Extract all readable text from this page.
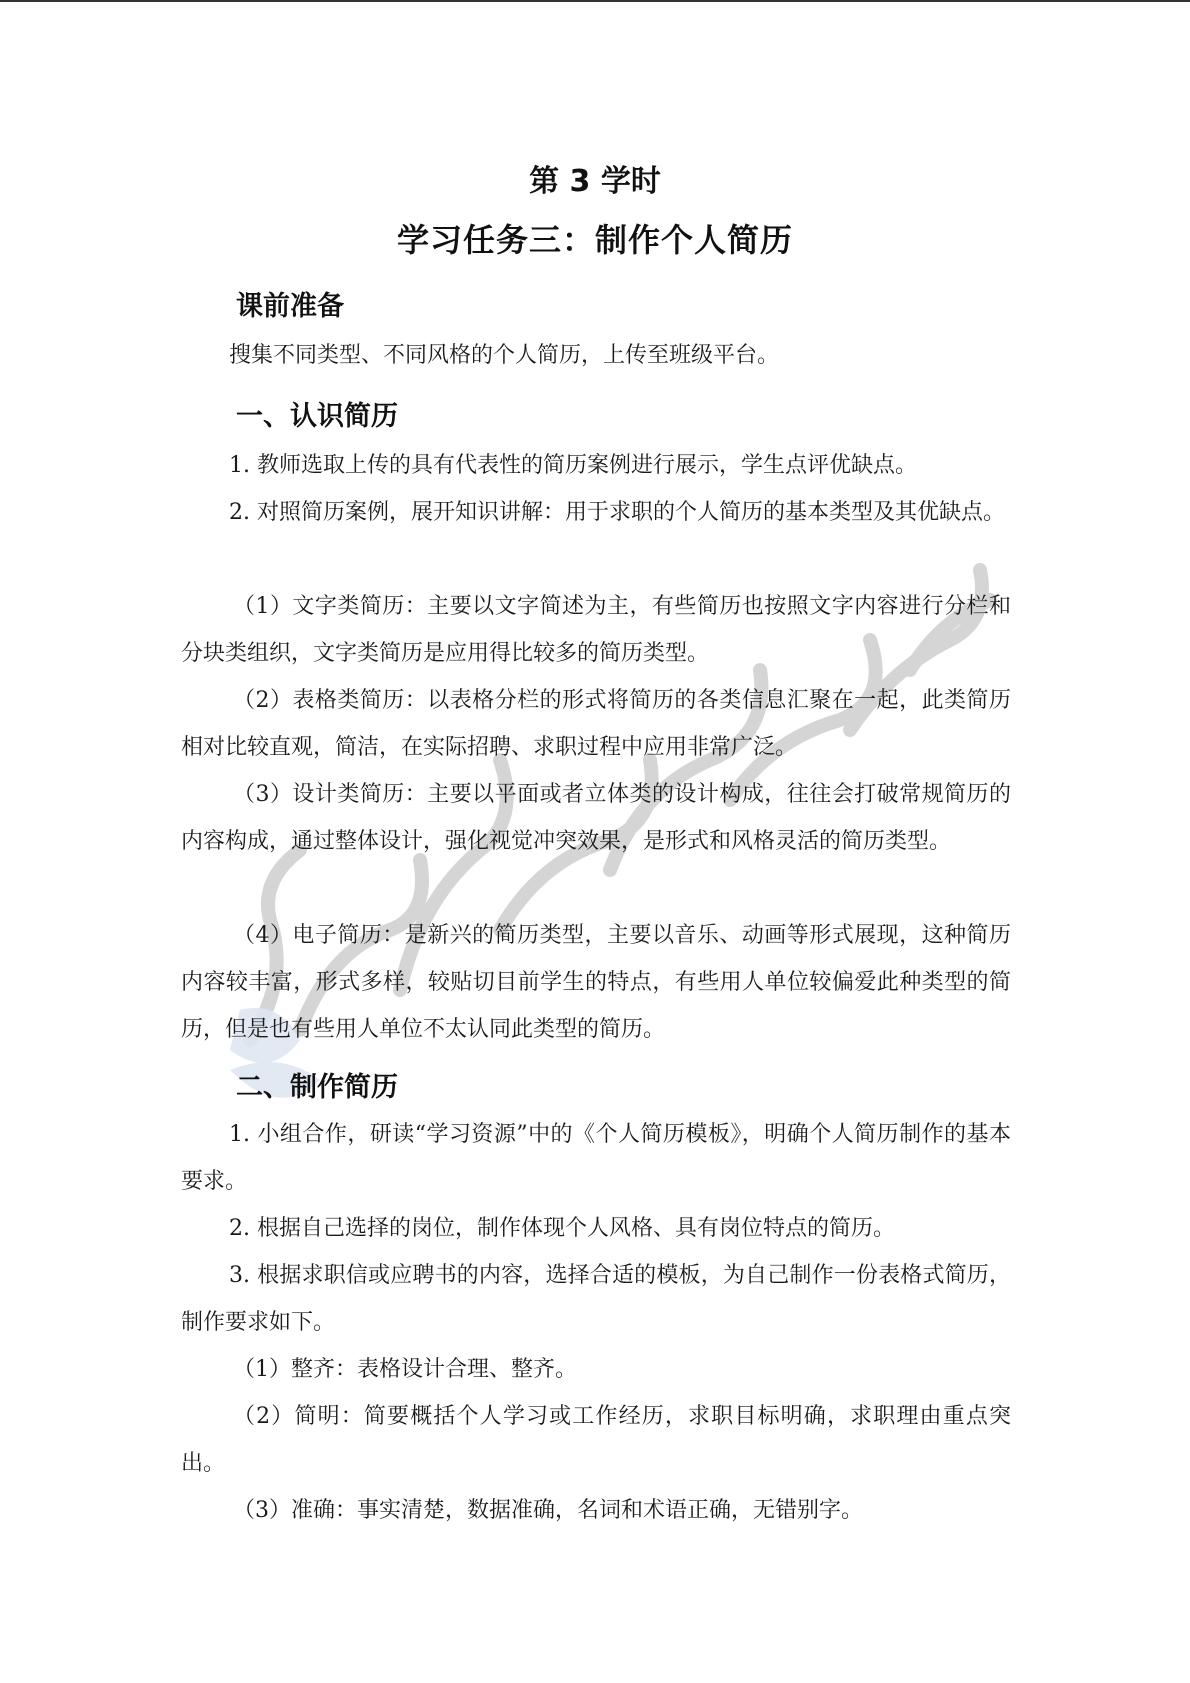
第 3 学时
学习任务三：制作个人简历
课前准备
搜集不同类型、不同风格的个人简历，上传至班级平台。
一、认识简历
1. 教师选取上传的具有代表性的简历案例进行展示，学生点评优缺点。
2. 对照简历案例，展开知识讲解：用于求职的个人简历的基本类型及其优缺点。
（1）文字类简历：主要以文字简述为主，有些简历也按照文字内容进行分栏和分块类组织，文字类简历是应用得比较多的简历类型。
（2）表格类简历：以表格分栏的形式将简历的各类信息汇聚在一起，此类简历相对比较直观，简洁，在实际招聘、求职过程中应用非常广泛。
（3）设计类简历：主要以平面或者立体类的设计构成，往往会打破常规简历的内容构成，通过整体设计，强化视觉冲突效果，是形式和风格灵活的简历类型。
（4）电子简历：是新兴的简历类型，主要以音乐、动画等形式展现，这种简历内容较丰富，形式多样，较贴切目前学生的特点，有些用人单位较偏爱此种类型的简历，但是也有些用人单位不太认同此类型的简历。
二、制作简历
1. 小组合作，研读“学习资源”中的《个人简历模板》，明确个人简历制作的基本要求。
2. 根据自己选择的岗位，制作体现个人风格、具有岗位特点的简历。
3. 根据求职信或应聘书的内容，选择合适的模板，为自己制作一份表格式简历，制作要求如下。
（1）整齐：表格设计合理、整齐。
（2）简明：简要概括个人学习或工作经历，求职目标明确，求职理由重点突出。
（3）准确：事实清楚，数据准确，名词和术语正确，无错别字。
